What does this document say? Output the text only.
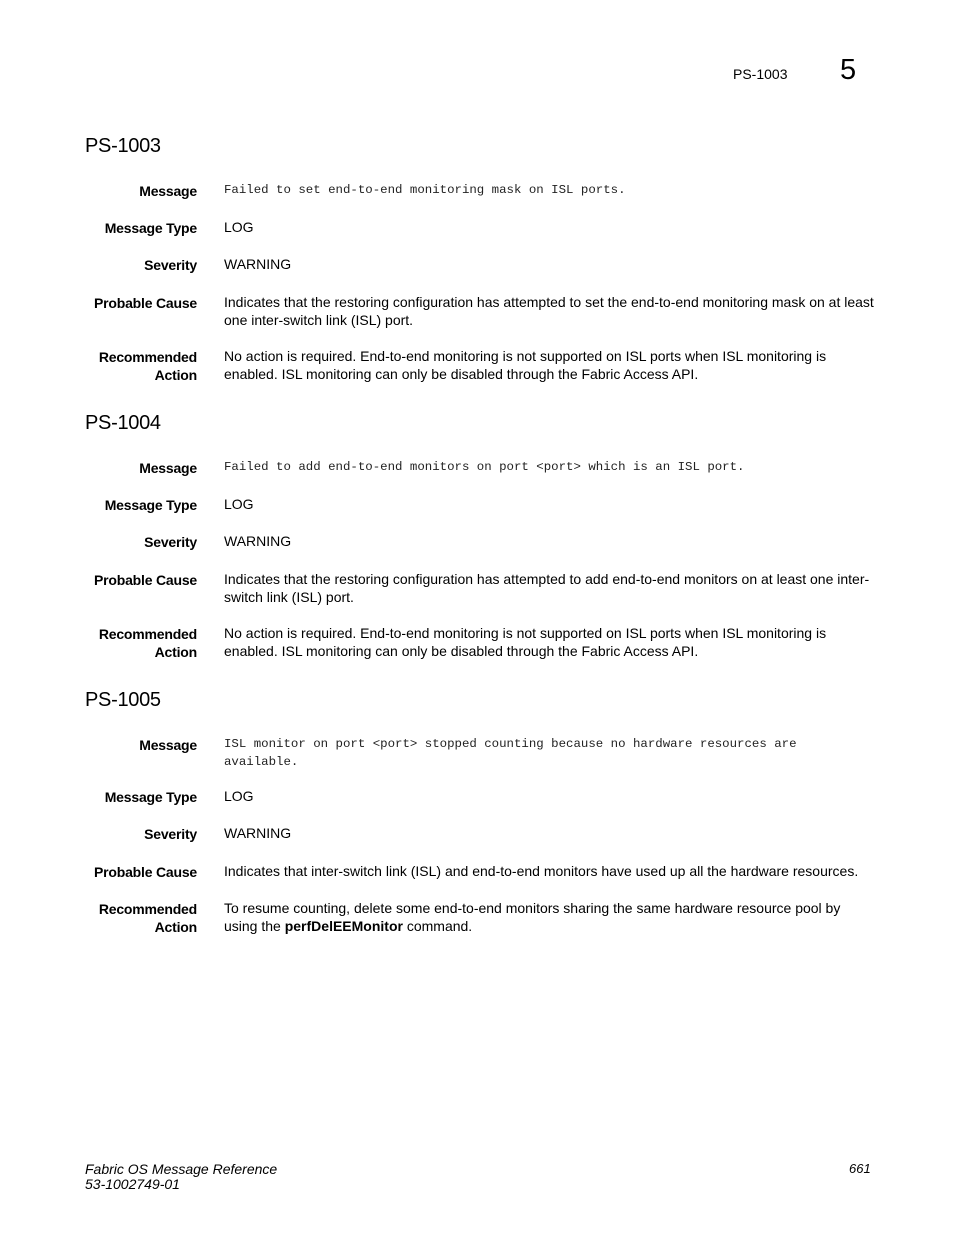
PS-1003 5
PS-1003
Message Failed to set end-to-end monitoring mask on ISL ports.
Message Type LOG
Severity WARNING
Probable Cause Indicates that the restoring configuration has attempted to set the end-to-end monitoring mask on at least one inter-switch link (ISL) port.
Recommended
Action
No action is required. End-to-end monitoring is not supported on ISL ports when ISL monitoring is enabled. ISL monitoring can only be disabled through the Fabric Access API.
PS-1004
Message Failed to add end-to-end monitors on port <port> which is an ISL port.
Message Type LOG
Severity WARNING
Probable Cause Indicates that the restoring configuration has attempted to add end-to-end monitors on at least one inter-switch link (ISL) port.
Recommended
Action
No action is required. End-to-end monitoring is not supported on ISL ports when ISL monitoring is enabled. ISL monitoring can only be disabled through the Fabric Access API.
PS-1005
Message ISL monitor on port <port> stopped counting because no hardware resources are available.
Message Type LOG
Severity WARNING
Probable Cause Indicates that inter-switch link (ISL) and end-to-end monitors have used up all the hardware resources.
Recommended
Action
To resume counting, delete some end-to-end monitors sharing the same hardware resource pool by using the perfDelEEMonitor command.
Fabric OS Message Reference
53-1002749-01
661
